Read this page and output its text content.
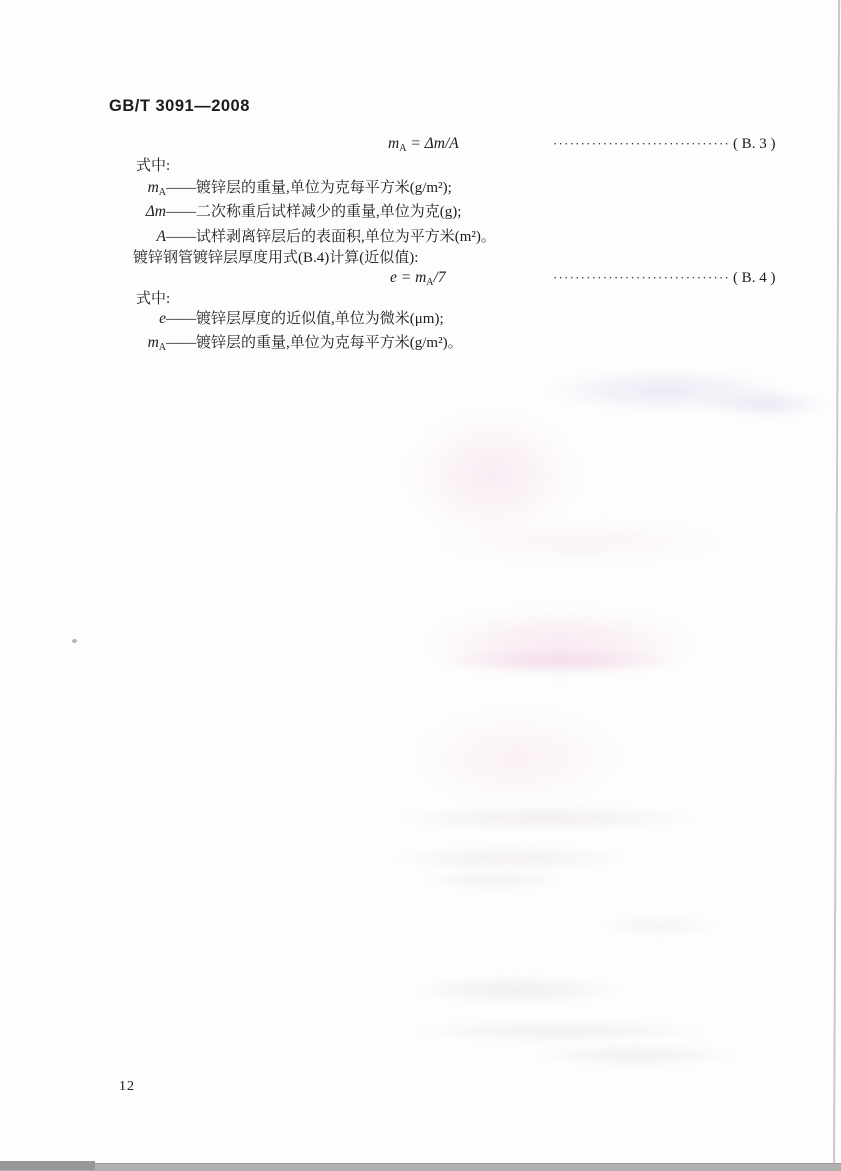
GB/T 3091—2008
$m_A = \Delta m/A$	································ ( B. 3 )
式中:
$m_A$ ——镀锌层的重量,单位为克每平方米(g/m²);
Δm ——二次称重后试样减少的重量,单位为克(g);
A ——试样剥离锌层后的表面积,单位为平方米(m²)。
镀锌钢管镀锌层厚度用式(B.4)计算(近似值):
$e = m_A/7$	································ ( B. 4 )
式中:
e ——镀锌层厚度的近似值,单位为微米(μm);
$m_A$ ——镀锌层的重量,单位为克每平方米(g/m²)。
12
